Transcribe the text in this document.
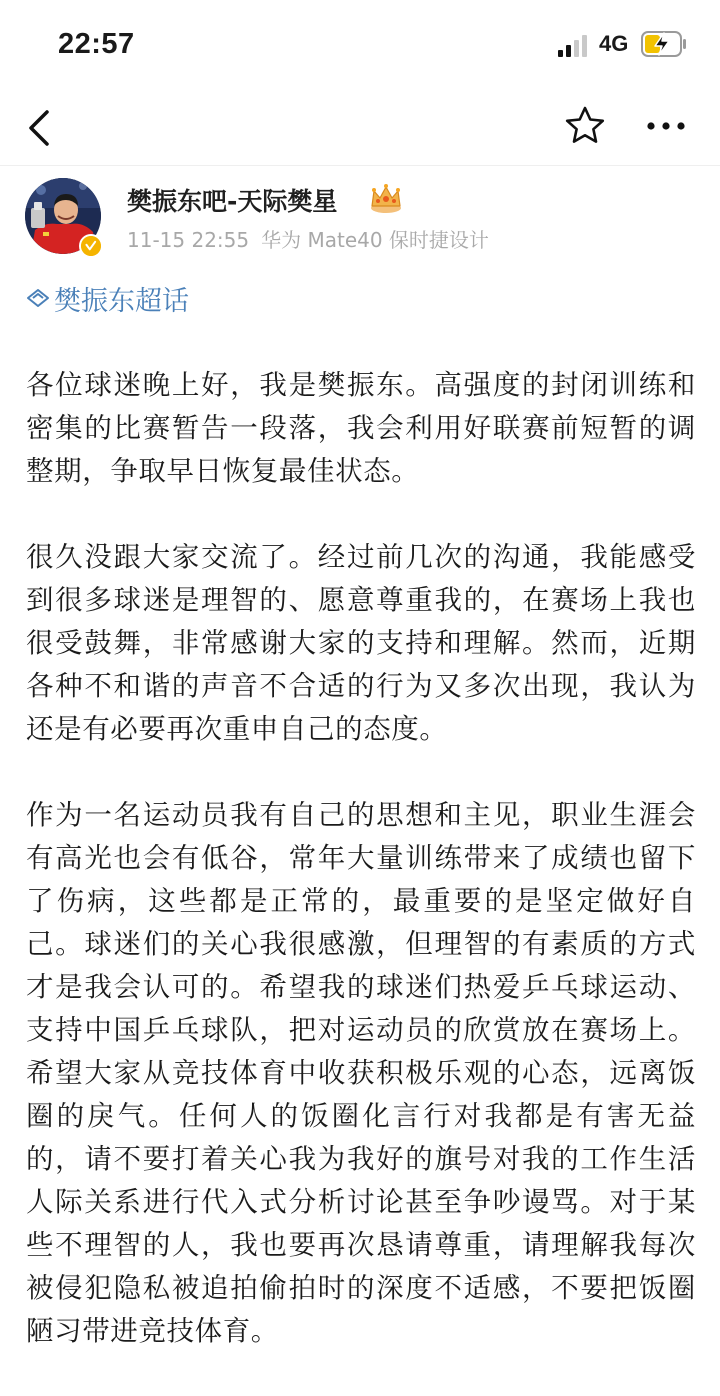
22:57	4G
樊振东吧-天际樊星
11-15 22:55 华为 Mate40 保时捷设计
樊振东超话

各位球迷晚上好，我是樊振东。高强度的封闭训练和密集的比赛暂告一段落，我会利用好联赛前短暂的调整期，争取早日恢复最佳状态。

很久没跟大家交流了。经过前几次的沟通，我能感受到很多球迷是理智的、愿意尊重我的，在赛场上我也很受鼓舞，非常感谢大家的支持和理解。然而，近期各种不和谐的声音不合适的行为又多次出现，我认为还是有必要再次重申自己的态度。

作为一名运动员我有自己的思想和主见，职业生涯会有高光也会有低谷，常年大量训练带来了成绩也留下了伤病，这些都是正常的，最重要的是坚定做好自己。球迷们的关心我很感激，但理智的有素质的方式才是我会认可的。希望我的球迷们热爱乒乓球运动、支持中国乒乓球队，把对运动员的欣赏放在赛场上。希望大家从竞技体育中收获积极乐观的心态，远离饭圈的戾气。任何人的饭圈化言行对我都是有害无益的，请不要打着关心我为我好的旗号对我的工作生活人际关系进行代入式分析讨论甚至争吵谩骂。对于某些不理智的人，我也要再次恳请尊重，请理解我每次被侵犯隐私被追拍偷拍时的深度不适感，不要把饭圈陋习带进竞技体育。
